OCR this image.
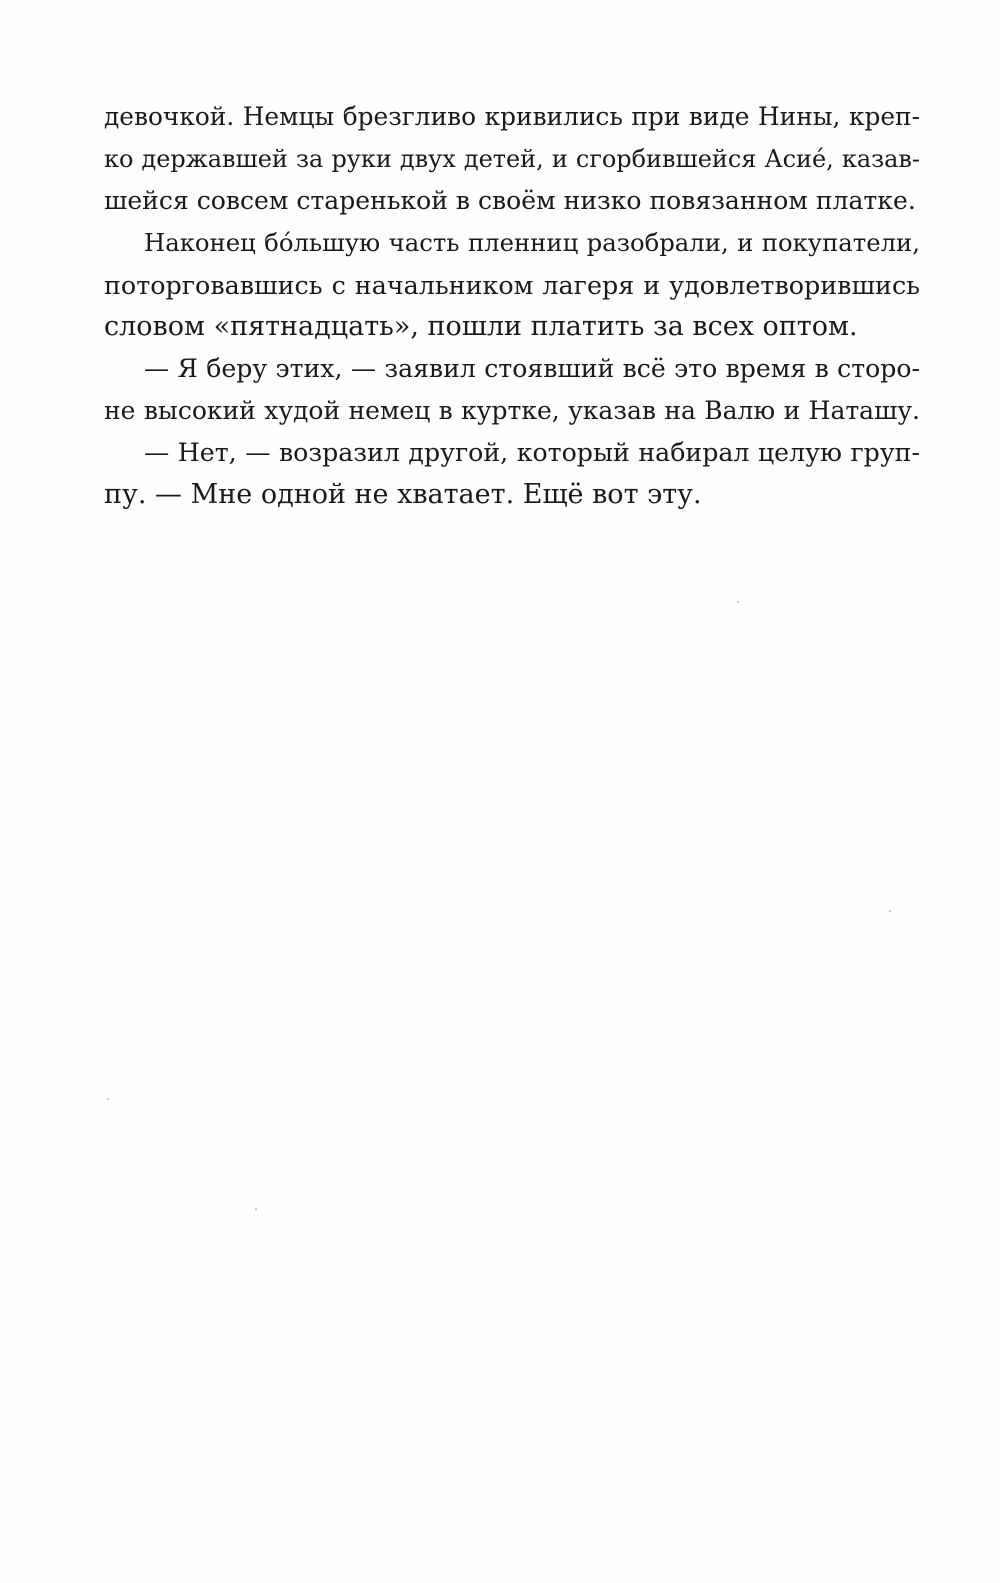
девочкой. Немцы брезгливо кривились при виде Нины, креп-
ко державшей за руки двух детей, и сгорбившейся Асие́, казав-
шейся совсем старенькой в своём низко повязанном платке.
Наконец бо́льшую часть пленниц разобрали, и покупатели,
поторговавшись с начальником лагеря и удовлетворившись
словом «пятнадцать», пошли платить за всех оптом.
— Я беру этих, — заявил стоявший всё это время в сторо-
не высокий худой немец в куртке, указав на Валю и Наташу.
— Нет, — возразил другой, который набирал целую груп-
пу. — Мне одной не хватает. Ещё вот эту.
